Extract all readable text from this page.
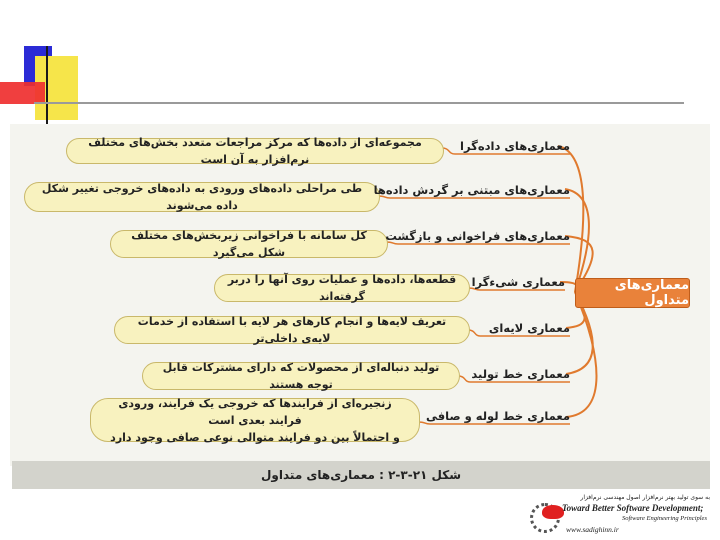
مجموعه‌ای از داده‌ها که مرکز مراجعات متعدد بخش‌های مختلف نرم‌افزار به آن است
طی مراحلی داده‌های ورودی به داده‌های خروجی تغییر شکل داده می‌شوند
کل سامانه با فراخوانی زیربخش‌های مختلف شکل می‌گیرد
قطعه‌ها، داده‌ها و عملیات روی آنها را دربر گرفته‌اند
تعریف لایه‌ها و انجام کارهای هر لایه با استفاده از خدمات لایه‌ی داخلی‌تر
تولید دنباله‌ای از محصولات که دارای مشترکات قابل توجه هستند
زنجیره‌ای از فرایندها که خروجی یک فرایند، ورودی فرایند بعدی است
و احتمالاً بین دو فرایند متوالی نوعی صافی وجود دارد
معماری‌های داده‌گرا
معماری‌های مبتنی بر گردش داده‌ها
معماری‌های فراخوانی و بازگشت
معماری شیءگرا
معماری لایه‌ای
معماری خط تولید
معماری خط لوله و صافی
معماری‌های متداول
شکل ۲۱-۳-۲ : معماری‌های متداول
به سوی تولید بهتر نرم‌افزار اصول مهندسی نرم‌افزار
Toward Better Software Development;
Software Engineering Principles
www.sadighinn.ir
